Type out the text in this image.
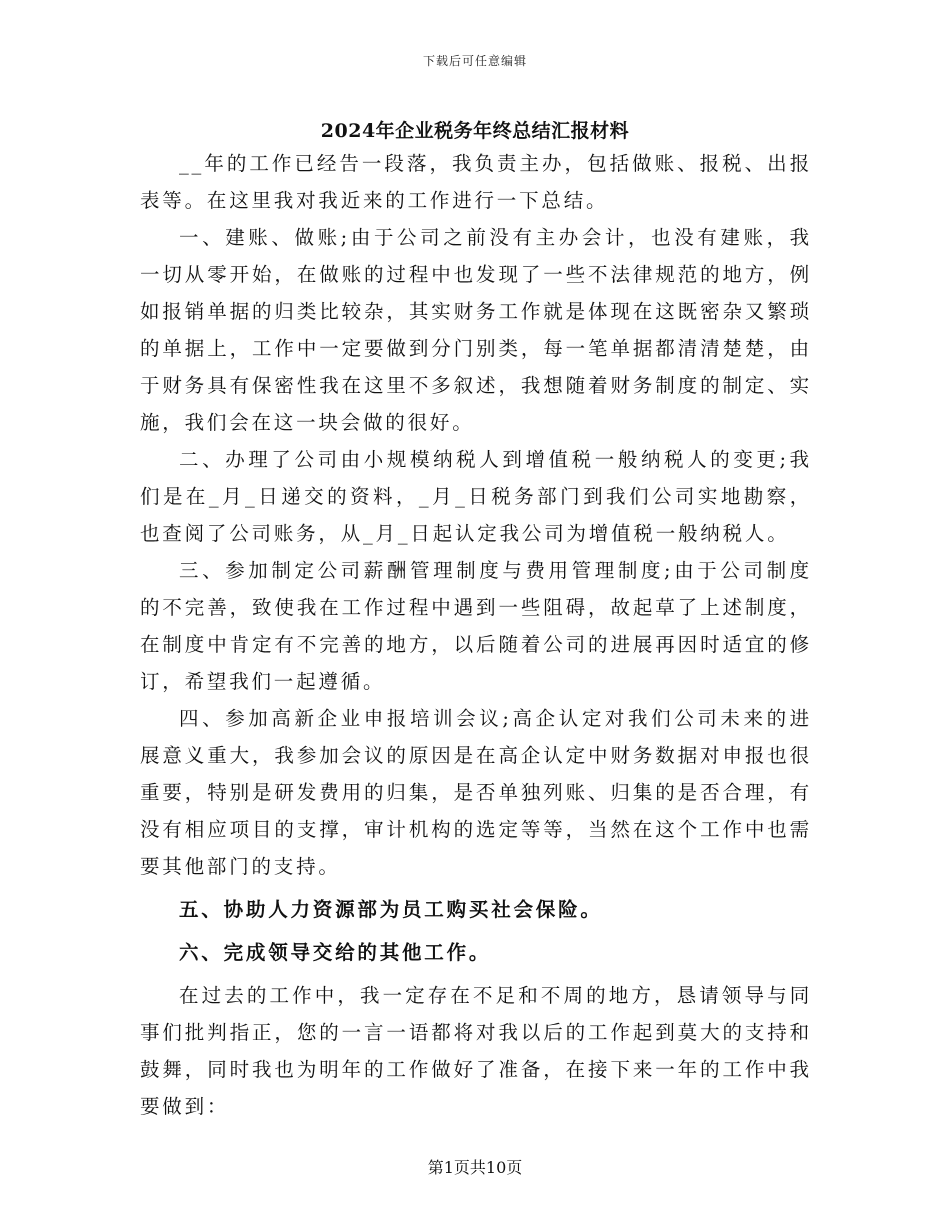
下载后可任意编辑
2024年企业税务年终总结汇报材料

__年的工作已经告一段落，我负责主办，包括做账、报税、出报表等。在这里我对我近来的工作进行一下总结。

一、建账、做账;由于公司之前没有主办会计，也没有建账，我一切从零开始，在做账的过程中也发现了一些不法律规范的地方，例如报销单据的归类比较杂，其实财务工作就是体现在这既密杂又繁琐的单据上，工作中一定要做到分门别类，每一笔单据都清清楚楚，由于财务具有保密性我在这里不多叙述，我想随着财务制度的制定、实施，我们会在这一块会做的很好。

二、办理了公司由小规模纳税人到增值税一般纳税人的变更;我们是在_月_日递交的资料，_月_日税务部门到我们公司实地勘察，也查阅了公司账务，从_月_日起认定我公司为增值税一般纳税人。

三、参加制定公司薪酬管理制度与费用管理制度;由于公司制度的不完善，致使我在工作过程中遇到一些阻碍，故起草了上述制度，在制度中肯定有不完善的地方，以后随着公司的进展再因时适宜的修订，希望我们一起遵循。

四、参加高新企业申报培训会议;高企认定对我们公司未来的进展意义重大，我参加会议的原因是在高企认定中财务数据对申报也很重要，特别是研发费用的归集，是否单独列账、归集的是否合理，有没有相应项目的支撑，审计机构的选定等等，当然在这个工作中也需要其他部门的支持。

五、协助人力资源部为员工购买社会保险。

六、完成领导交给的其他工作。

在过去的工作中，我一定存在不足和不周的地方，恳请领导与同事们批判指正，您的一言一语都将对我以后的工作起到莫大的支持和鼓舞，同时我也为明年的工作做好了准备，在接下来一年的工作中我要做到：

第1页共10页
